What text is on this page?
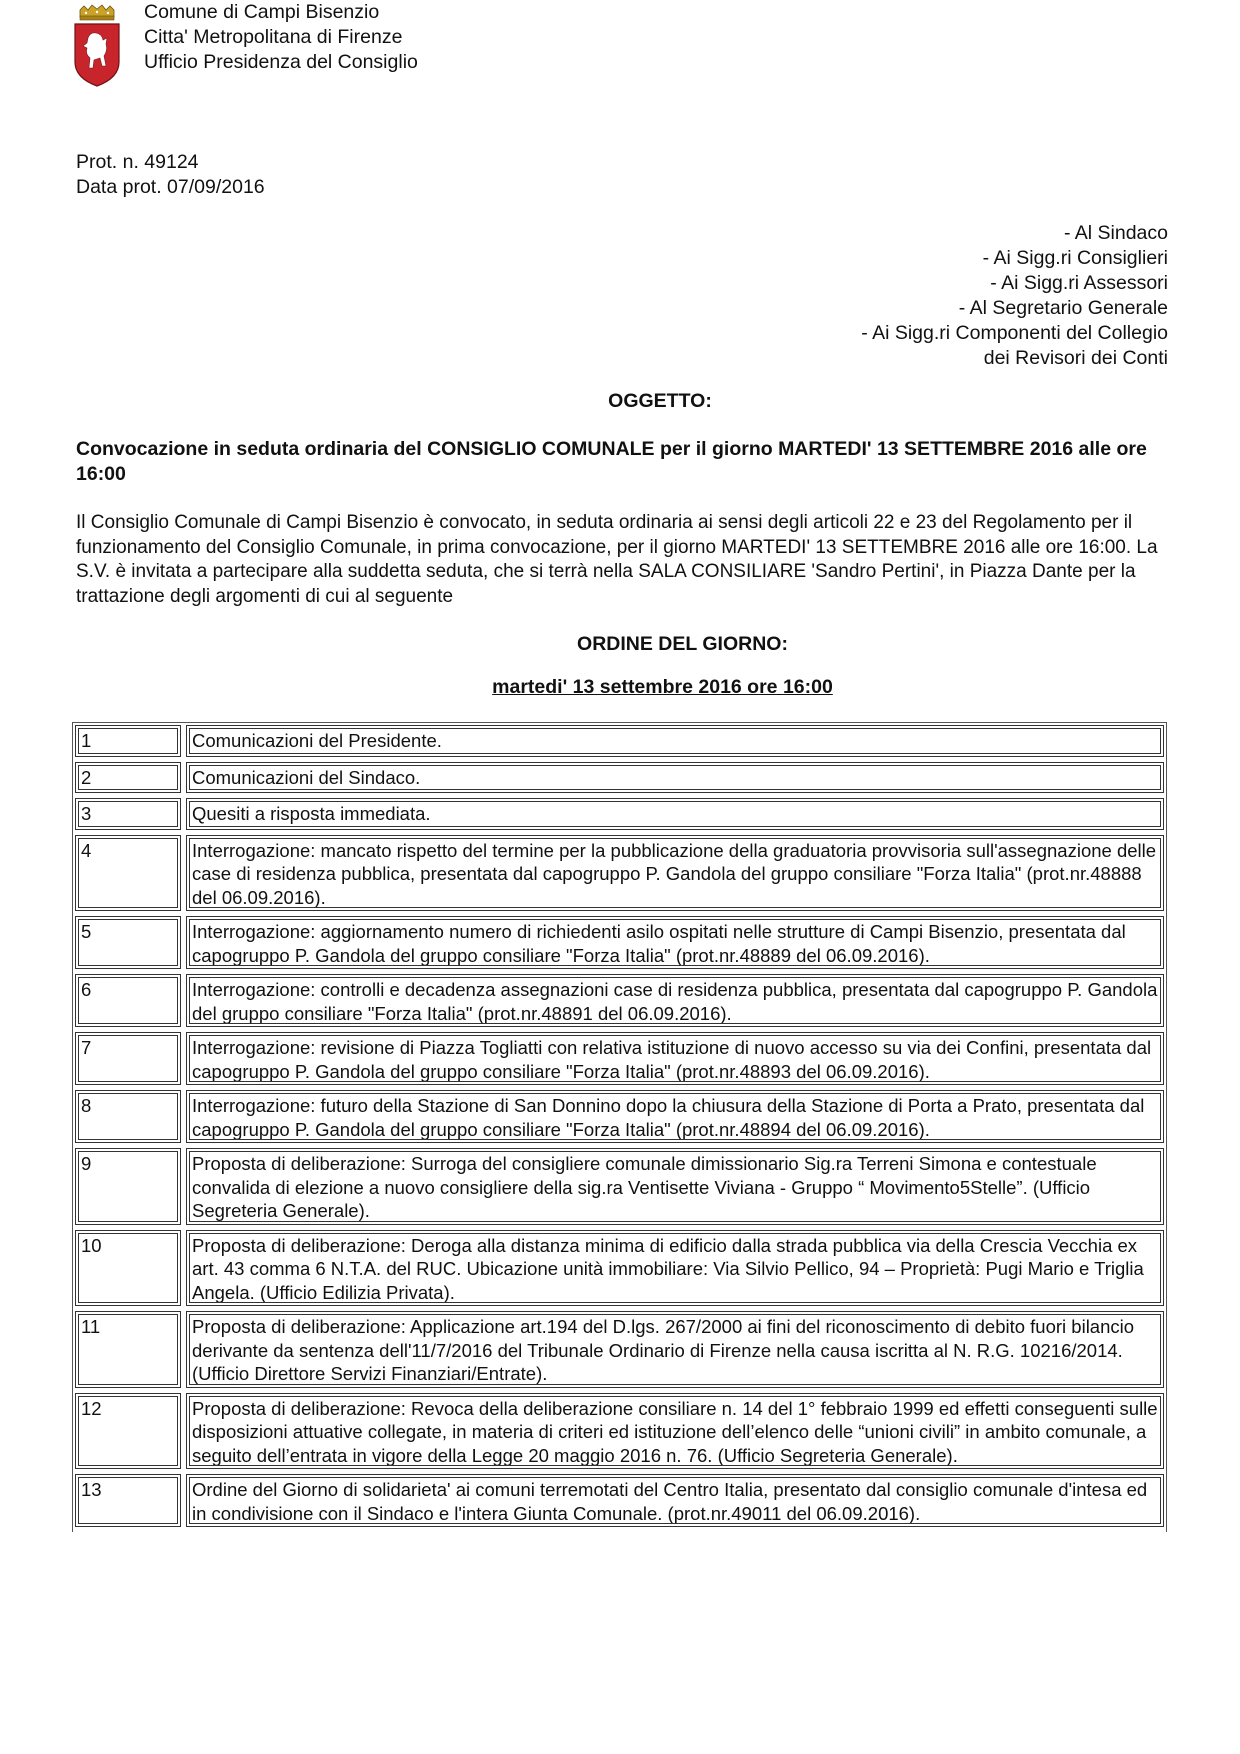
Comune di Campi Bisenzio
Citta' Metropolitana di Firenze
Ufficio Presidenza del Consiglio
Prot. n. 49124
Data prot. 07/09/2016
- Al Sindaco
- Ai Sigg.ri Consiglieri
- Ai Sigg.ri Assessori
- Al Segretario Generale
- Ai Sigg.ri Componenti del Collegio
dei Revisori dei Conti
OGGETTO:
Convocazione in seduta ordinaria del CONSIGLIO COMUNALE per il giorno MARTEDI' 13 SETTEMBRE 2016 alle ore 16:00
Il Consiglio Comunale di Campi Bisenzio è convocato, in seduta ordinaria ai sensi degli articoli 22 e 23 del Regolamento per il funzionamento del Consiglio Comunale, in prima convocazione, per il giorno MARTEDI' 13 SETTEMBRE 2016 alle ore 16:00. La S.V. è invitata a partecipare alla suddetta seduta, che si terrà nella SALA CONSILIARE 'Sandro Pertini', in Piazza Dante per la trattazione degli argomenti di cui al seguente
ORDINE DEL GIORNO:
martedi' 13 settembre 2016 ore 16:00
1	Comunicazioni del Presidente.
2	Comunicazioni del Sindaco.
3	Quesiti a risposta immediata.
4	Interrogazione: mancato rispetto del termine per la pubblicazione della graduatoria provvisoria sull'assegnazione delle case di residenza pubblica, presentata dal capogruppo P. Gandola del gruppo consiliare "Forza Italia" (prot.nr.48888 del 06.09.2016).
5	Interrogazione: aggiornamento numero di richiedenti asilo ospitati nelle strutture di Campi Bisenzio, presentata dal capogruppo P. Gandola del gruppo consiliare "Forza Italia" (prot.nr.48889 del 06.09.2016).
6	Interrogazione: controlli e decadenza assegnazioni case di residenza pubblica, presentata dal capogruppo P. Gandola del gruppo consiliare "Forza Italia" (prot.nr.48891 del 06.09.2016).
7	Interrogazione: revisione di Piazza Togliatti con relativa istituzione di nuovo accesso su via dei Confini, presentata dal capogruppo P. Gandola del gruppo consiliare "Forza Italia" (prot.nr.48893 del 06.09.2016).
8	Interrogazione: futuro della Stazione di San Donnino dopo la chiusura della Stazione di Porta a Prato, presentata dal capogruppo P. Gandola del gruppo consiliare "Forza Italia" (prot.nr.48894 del 06.09.2016).
9	Proposta di deliberazione: Surroga del consigliere comunale dimissionario Sig.ra Terreni Simona e contestuale convalida di elezione a nuovo consigliere della sig.ra Ventisette Viviana - Gruppo “ Movimento5Stelle”. (Ufficio Segreteria Generale).
10	Proposta di deliberazione: Deroga alla distanza minima di edificio dalla strada pubblica via della Crescia Vecchia ex art. 43 comma 6 N.T.A. del RUC. Ubicazione unità immobiliare: Via Silvio Pellico, 94 – Proprietà: Pugi Mario e Triglia Angela. (Ufficio Edilizia Privata).
11	Proposta di deliberazione: Applicazione art.194 del D.lgs. 267/2000 ai fini del riconoscimento di debito fuori bilancio derivante da sentenza dell'11/7/2016 del Tribunale Ordinario di Firenze nella causa iscritta al N. R.G. 10216/2014. (Ufficio Direttore Servizi Finanziari/Entrate).
12	Proposta di deliberazione: Revoca della deliberazione consiliare n. 14 del 1° febbraio 1999 ed effetti conseguenti sulle disposizioni attuative collegate, in materia di criteri ed istituzione dell’elenco delle “unioni civili” in ambito comunale, a seguito dell’entrata in vigore della Legge 20 maggio 2016 n. 76. (Ufficio Segreteria Generale).
13	Ordine del Giorno di solidarieta' ai comuni terremotati del Centro Italia, presentato dal consiglio comunale d'intesa ed in condivisione con il Sindaco e l'intera Giunta Comunale. (prot.nr.49011 del 06.09.2016).
